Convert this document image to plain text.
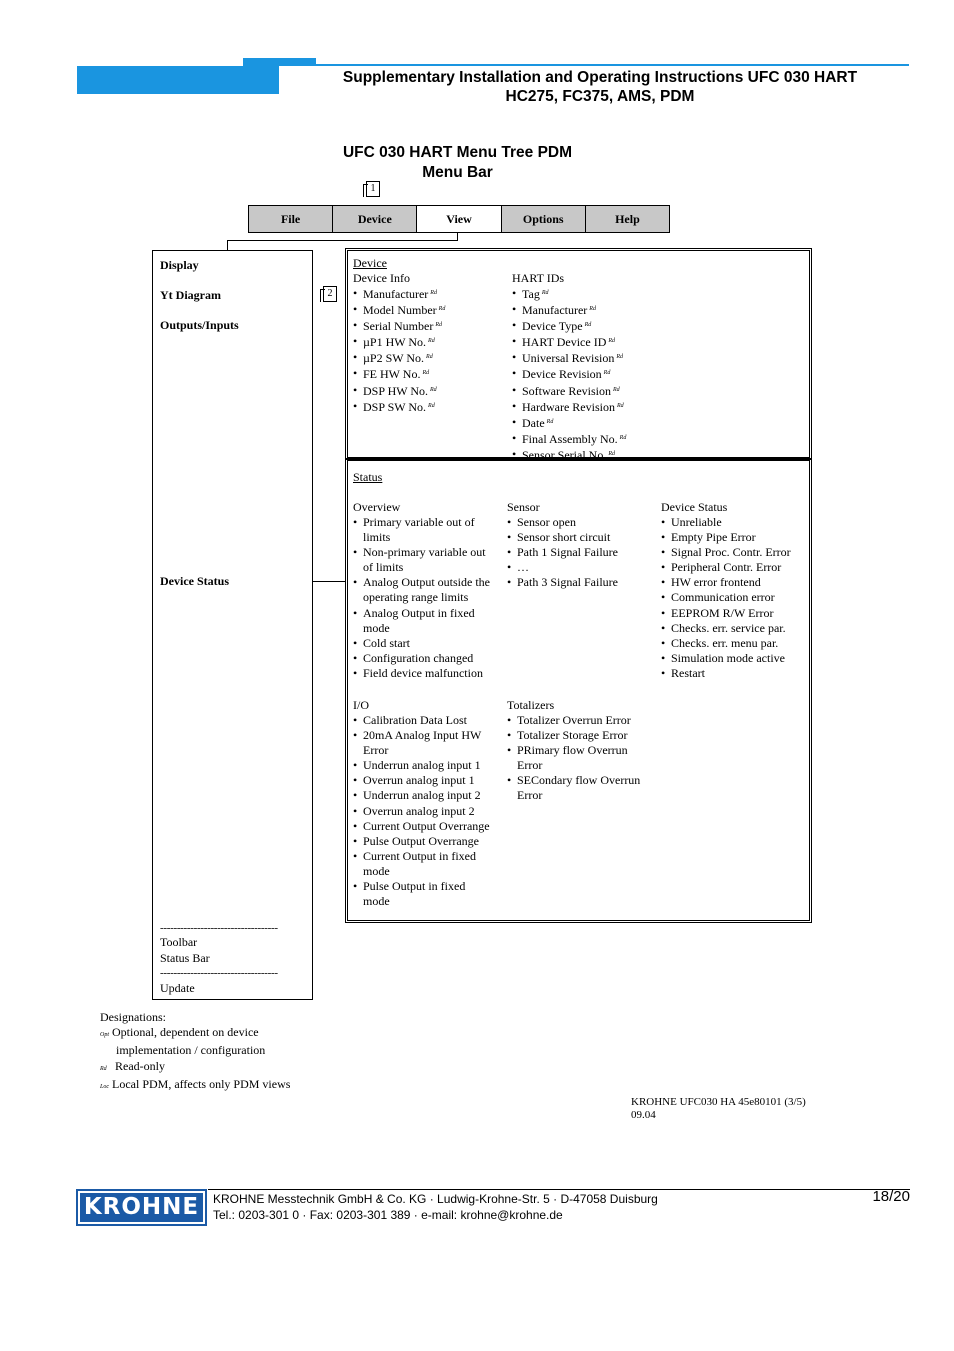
Supplementary Installation and Operating Instructions UFC 030 HART
HC275, FC375, AMS, PDM
UFC 030 HART Menu Tree PDM
Menu Bar
1
2
File	Device	View	Options	Help
Display
Yt Diagram
Outputs/Inputs
Device Status
-----------------------------------
Toolbar
Status Bar
-----------------------------------
Update
Device
Device Info
• Manufacturer $^{Rd}$
• Model Number $^{Rd}$
• Serial Number $^{Rd}$
• µP1 HW No. $^{Rd}$
• µP2 SW No. $^{Rd}$
• FE HW No. $^{Rd}$
• DSP HW No. $^{Rd}$
• DSP SW No. $^{Rd}$
HART IDs
• Tag $^{Rd}$
• Manufacturer $^{Rd}$
• Device Type $^{Rd}$
• HART Device ID $^{Rd}$
• Universal Revision $^{Rd}$
• Device Revision $^{Rd}$
• Software Revision $^{Rd}$
• Hardware Revision $^{Rd}$
• Date $^{Rd}$
• Final Assembly No. $^{Rd}$
• Sensor Serial No. $^{Rd}$
Status
Overview
• Primary variable out of
limits
• Non-primary variable out
of limits
• Analog Output outside the
operating range limits
• Analog Output in fixed
mode
• Cold start
• Configuration changed
• Field device malfunction
Sensor
• Sensor open
• Sensor short circuit
• Path 1 Signal Failure
• …
• Path 3 Signal Failure
Device Status
• Unreliable
• Empty Pipe Error
• Signal Proc. Contr. Error
• Peripheral Contr. Error
• HW error frontend
• Communication error
• EEPROM R/W Error
• Checks. err. service par.
• Checks. err. menu par.
• Simulation mode active
• Restart
I/O
• Calibration Data Lost
• 20mA Analog Input HW
Error
• Underrun analog input 1
• Overrun analog input 1
• Underrun analog input 2
• Overrun analog input 2
• Current Output Overrange
• Pulse Output Overrange
• Current Output in fixed
mode
• Pulse Output in fixed
mode
Totalizers
• Totalizer Overrun Error
• Totalizer Storage Error
• PRimary flow Overrun
Error
• SECondary flow Overrun
Error
Designations:
Opt Optional, dependent on device
implementation / configuration
Rd Read-only
Loc Local PDM, affects only PDM views
KROHNE UFC030 HA 45e80101 (3/5)
09.04
KROHNE	KROHNE Messtechnik GmbH & Co. KG · Ludwig-Krohne-Str. 5 · D-47058 Duisburg
Tel.: 0203-301 0 · Fax: 0203-301 389 · e-mail: krohne@krohne.de
18/20
